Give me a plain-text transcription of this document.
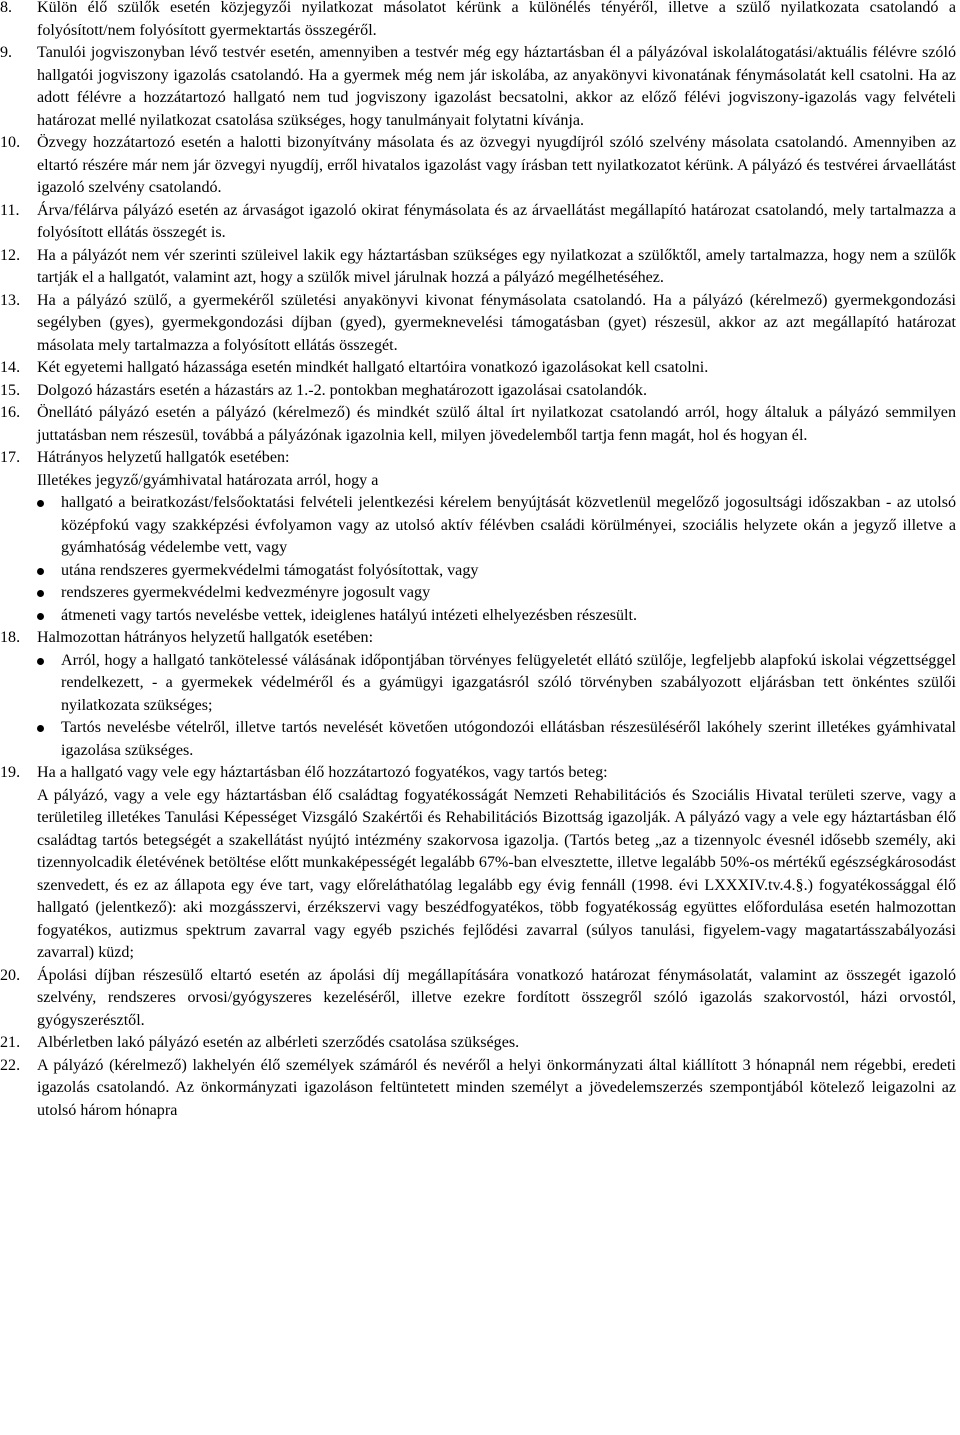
8.	Külön élő szülők esetén közjegyzői nyilatkozat másolatot kérünk a különélés tényéről, illetve a szülő nyilatkozata csatolandó a folyósított/nem folyósított gyermektartás összegéről.
9.	Tanulói jogviszonyban lévő testvér esetén, amennyiben a testvér még egy háztartásban él a pályázóval iskolalátogatási/aktuális félévre szóló hallgatói jogviszony igazolás csatolandó. Ha a gyermek még nem jár iskolába, az anyakönyvi kivonatának fénymásolatát kell csatolni. Ha az adott félévre a hozzátartozó hallgató nem tud jogviszony igazolást becsatolni, akkor az előző félévi jogviszony-igazolás vagy felvételi határozat mellé nyilatkozat csatolása szükséges, hogy tanulmányait folytatni kívánja.
10.	Özvegy hozzátartozó esetén a halotti bizonyítvány másolata és az özvegyi nyugdíjról szóló szelvény másolata csatolandó. Amennyiben az eltartó részére már nem jár özvegyi nyugdíj, erről hivatalos igazolást vagy írásban tett nyilatkozatot kérünk. A pályázó és testvérei árvaellátást igazoló szelvény csatolandó.
11.	Árva/félárva pályázó esetén az árvaságot igazoló okirat fénymásolata és az árvaellátást megállapító határozat csatolandó, mely tartalmazza a folyósított ellátás összegét is.
12.	Ha a pályázót nem vér szerinti szüleivel lakik egy háztartásban szükséges egy nyilatkozat a szülőktől, amely tartalmazza, hogy nem a szülők tartják el a hallgatót, valamint azt, hogy a szülők mivel járulnak hozzá a pályázó megélhetéséhez.
13.	Ha a pályázó szülő, a gyermekéről születési anyakönyvi kivonat fénymásolata csatolandó. Ha a pályázó (kérelmező) gyermekgondozási segélyben (gyes), gyermekgondozási díjban (gyed), gyermeknevelési támogatásban (gyet) részesül, akkor az azt megállapító határozat másolata mely tartalmazza a folyósított ellátás összegét.
14.	Két egyetemi hallgató házassága esetén mindkét hallgató eltartóira vonatkozó igazolásokat kell csatolni.
15.	Dolgozó házastárs esetén a házastárs az 1.-2. pontokban meghatározott igazolásai csatolandók.
16.	Önellátó pályázó esetén a pályázó (kérelmező) és mindkét szülő által írt nyilatkozat csatolandó arról, hogy általuk a pályázó semmilyen juttatásban nem részesül, továbbá a pályázónak igazolnia kell, milyen jövedelemből tartja fenn magát, hol és hogyan él.
17.	Hátrányos helyzetű hallgatók esetében:
Illetékes jegyző/gyámhivatal határozata arról, hogy a
hallgató a beiratkozást/felsőoktatási felvételi jelentkezési kérelem benyújtását közvetlenül megelőző jogosultsági időszakban - az utolsó középfokú vagy szakképzési évfolyamon vagy az utolsó aktív félévben családi körülményei, szociális helyzete okán a jegyző illetve a gyámhatóság védelembe vett, vagy
utána rendszeres gyermekvédelmi támogatást folyósítottak, vagy
rendszeres gyermekvédelmi kedvezményre jogosult vagy
átmeneti vagy tartós nevelésbe vettek, ideiglenes hatályú intézeti elhelyezésben részesült.
18.	Halmozottan hátrányos helyzetű hallgatók esetében:
Arról, hogy a hallgató tankötelessé válásának időpontjában törvényes felügyeletét ellátó szülője, legfeljebb alapfokú iskolai végzettséggel rendelkezett, - a gyermekek védelméről és a gyámügyi igazgatásról szóló törvényben szabályozott eljárásban tett önkéntes szülői nyilatkozata szükséges;
Tartós nevelésbe vételről, illetve tartós nevelését követően utógondozói ellátásban részesüléséről lakóhely szerint illetékes gyámhivatal igazolása szükséges.
19.	Ha a hallgató vagy vele egy háztartásban élő hozzátartozó fogyatékos, vagy tartós beteg:
A pályázó, vagy a vele egy háztartásban élő családtag fogyatékosságát Nemzeti Rehabilitációs és Szociális Hivatal területi szerve, vagy a területileg illetékes Tanulási Képességet Vizsgáló Szakértői és Rehabilitációs Bizottság igazolják. A pályázó vagy a vele egy háztartásban élő családtag tartós betegségét a szakellátást nyújtó intézmény szakorvosa igazolja. (Tartós beteg „az a tizennyolc évesnél idősebb személy, aki tizennyolcadik életévének betöltése előtt munkaképességét legalább 67%-ban elvesztette, illetve legalább 50%-os mértékű egészségkárosodást szenvedett, és ez az állapota egy éve tart, vagy előreláthatólag legalább egy évig fennáll (1998. évi LXXXIV.tv.4.§.) fogyatékossággal élő hallgató (jelentkező): aki mozgásszervi, érzékszervi vagy beszédfogyatékos, több fogyatékosság együttes előfordulása esetén halmozottan fogyatékos, autizmus spektrum zavarral vagy egyéb pszichés fejlődési zavarral (súlyos tanulási, figyelem-vagy magatartásszabályozási zavarral) küzd;
20.	Ápolási díjban részesülő eltartó esetén az ápolási díj megállapítására vonatkozó határozat fénymásolatát, valamint az összegét igazoló szelvény, rendszeres orvosi/gyógyszeres kezeléséről, illetve ezekre fordított összegről szóló igazolás szakorvostól, házi orvostól, gyógyszerésztől.
21.	Albérletben lakó pályázó esetén az albérleti szerződés csatolása szükséges.
22.	A pályázó (kérelmező) lakhelyén élő személyek számáról és nevéről a helyi önkormányzati által kiállított 3 hónapnál nem régebbi, eredeti igazolás csatolandó. Az önkormányzati igazoláson feltüntetett minden személyt a jövedelemszerzés szempontjából kötelező leigazolni az utolsó három hónapra
